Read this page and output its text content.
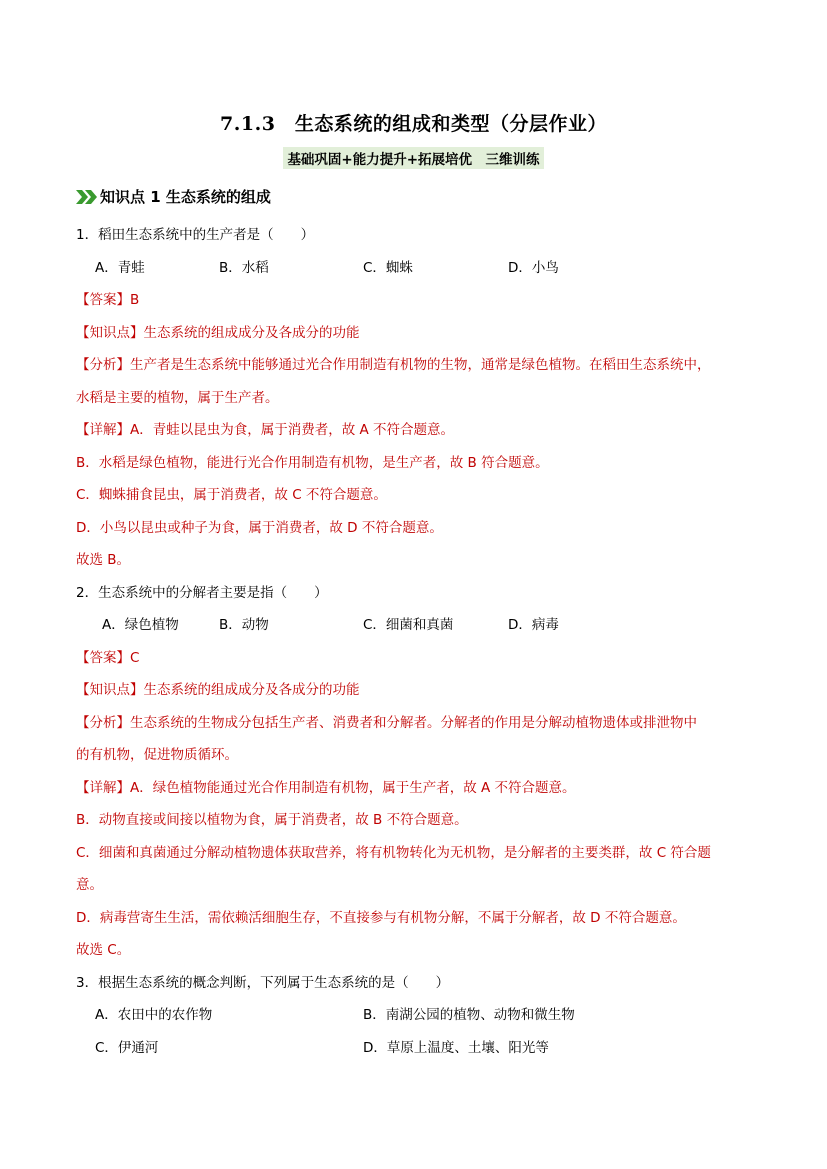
7.1.3　生态系统的组成和类型（分层作业）
基础巩固+能力提升+拓展培优　三维训练
知识点 1 生态系统的组成
1．稻田生态系统中的生产者是（　　）
A．青蛙	B．水稻	C．蜘蛛	D．小鸟
【答案】B
【知识点】生态系统的组成成分及各成分的功能
【分析】生产者是生态系统中能够通过光合作用制造有机物的生物，通常是绿色植物。在稻田生态系统中，
水稻是主要的植物，属于生产者。
【详解】A．青蛙以昆虫为食，属于消费者，故 A 不符合题意。
B．水稻是绿色植物，能进行光合作用制造有机物，是生产者，故 B 符合题意。
C．蜘蛛捕食昆虫，属于消费者，故 C 不符合题意。
D．小鸟以昆虫或种子为食，属于消费者，故 D 不符合题意。
故选 B。
2．生态系统中的分解者主要是指（　　）
A．绿色植物	B．动物	C．细菌和真菌	D．病毒
【答案】C
【知识点】生态系统的组成成分及各成分的功能
【分析】生态系统的生物成分包括生产者、消费者和分解者。分解者的作用是分解动植物遗体或排泄物中
的有机物，促进物质循环。
【详解】A．绿色植物能通过光合作用制造有机物，属于生产者，故 A 不符合题意。
B．动物直接或间接以植物为食，属于消费者，故 B 不符合题意。
C．细菌和真菌通过分解动植物遗体获取营养，将有机物转化为无机物，是分解者的主要类群，故 C 符合题
意。
D．病毒营寄生生活，需依赖活细胞生存，不直接参与有机物分解，不属于分解者，故 D 不符合题意。
故选 C。
3．根据生态系统的概念判断，下列属于生态系统的是（　　）
A．农田中的农作物	B．南湖公园的植物、动物和微生物
C．伊通河	D．草原上温度、土壤、阳光等
